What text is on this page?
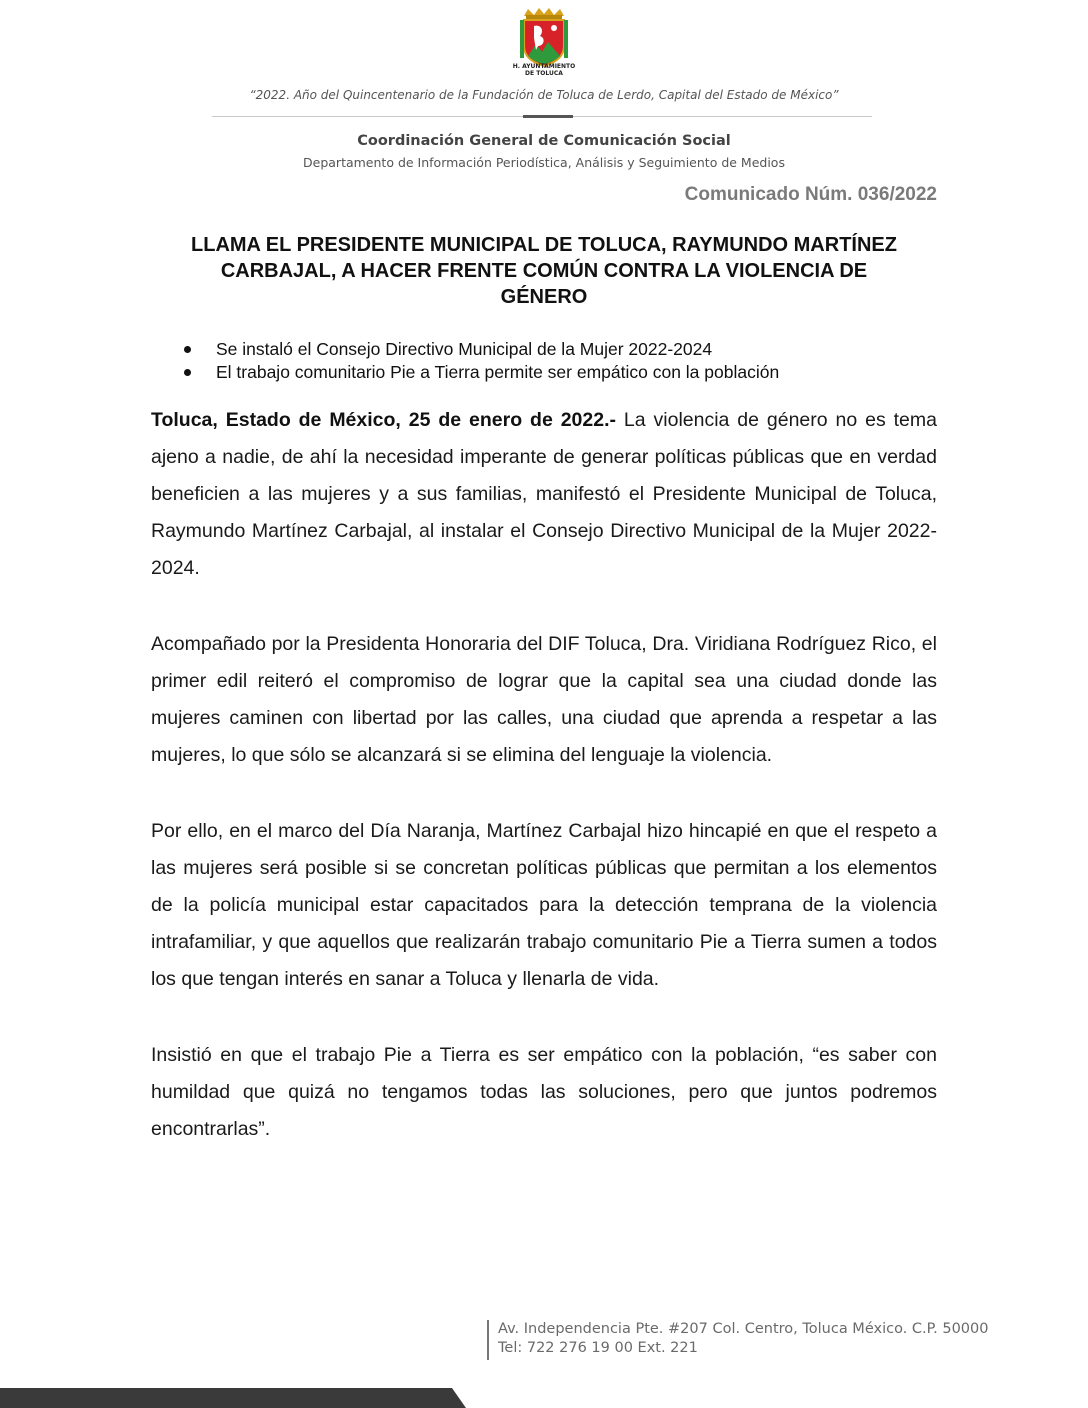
H. AYUNTAMIENTO
DE TOLUCA
“2022. Año del Quincentenario de la Fundación de Toluca de Lerdo, Capital del Estado de México”
Coordinación General de Comunicación Social
Departamento de Información Periodística, Análisis y Seguimiento de Medios
Comunicado Núm. 036/2022
LLAMA EL PRESIDENTE MUNICIPAL DE TOLUCA, RAYMUNDO MARTÍNEZ CARBAJAL, A HACER FRENTE COMÚN CONTRA LA VIOLENCIA DE GÉNERO
Se instaló el Consejo Directivo Municipal de la Mujer 2022-2024
El trabajo comunitario Pie a Tierra permite ser empático con la población

Toluca, Estado de México, 25 de enero de 2022.- La violencia de género no es tema ajeno a nadie, de ahí la necesidad imperante de generar políticas públicas que en verdad beneficien a las mujeres y a sus familias, manifestó el Presidente Municipal de Toluca, Raymundo Martínez Carbajal, al instalar el Consejo Directivo Municipal de la Mujer 2022-2024.

Acompañado por la Presidenta Honoraria del DIF Toluca, Dra. Viridiana Rodríguez Rico, el primer edil reiteró el compromiso de lograr que la capital sea una ciudad donde las mujeres caminen con libertad por las calles, una ciudad que aprenda a respetar a las mujeres, lo que sólo se alcanzará si se elimina del lenguaje la violencia.

Por ello, en el marco del Día Naranja, Martínez Carbajal hizo hincapié en que el respeto a las mujeres será posible si se concretan políticas públicas que permitan a los elementos de la policía municipal estar capacitados para la detección temprana de la violencia intrafamiliar, y que aquellos que realizarán trabajo comunitario Pie a Tierra sumen a todos los que tengan interés en sanar a Toluca y llenarla de vida.

Insistió en que el trabajo Pie a Tierra es ser empático con la población, “es saber con humildad que quizá no tengamos todas las soluciones, pero que juntos podremos encontrarlas”.

Av. Independencia Pte. #207 Col. Centro, Toluca México. C.P. 50000
Tel: 722 276 19 00 Ext. 221
